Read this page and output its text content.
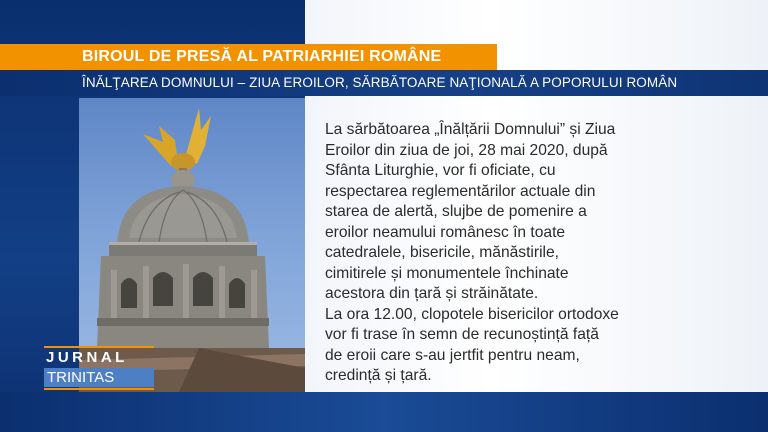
BIROUL DE PRESĂ AL PATRIARHIEI ROMÂNE
ÎNĂLŢAREA DOMNULUI – ZIUA EROILOR, SĂRBĂTOARE NAŢIONALĂ A POPORULUI ROMÂN

La sărbătoarea „Înălțării Domnului” și Ziua

Eroilor din ziua de joi, 28 mai 2020, după

Sfânta Liturghie, vor fi oficiate, cu

respectarea reglementărilor actuale din

starea de alertă, slujbe de pomenire a

eroilor neamului românesc în toate

catedralele, bisericile, mănăstirile,

cimitirele și monumentele închinate

acestora din țară și străinătate.

La ora 12.00, clopotele bisericilor ortodoxe

vor fi trase în semn de recunoștință față

de eroii care s-au jertfit pentru neam,

credință și țară.

JURNAL
TRINITAS
